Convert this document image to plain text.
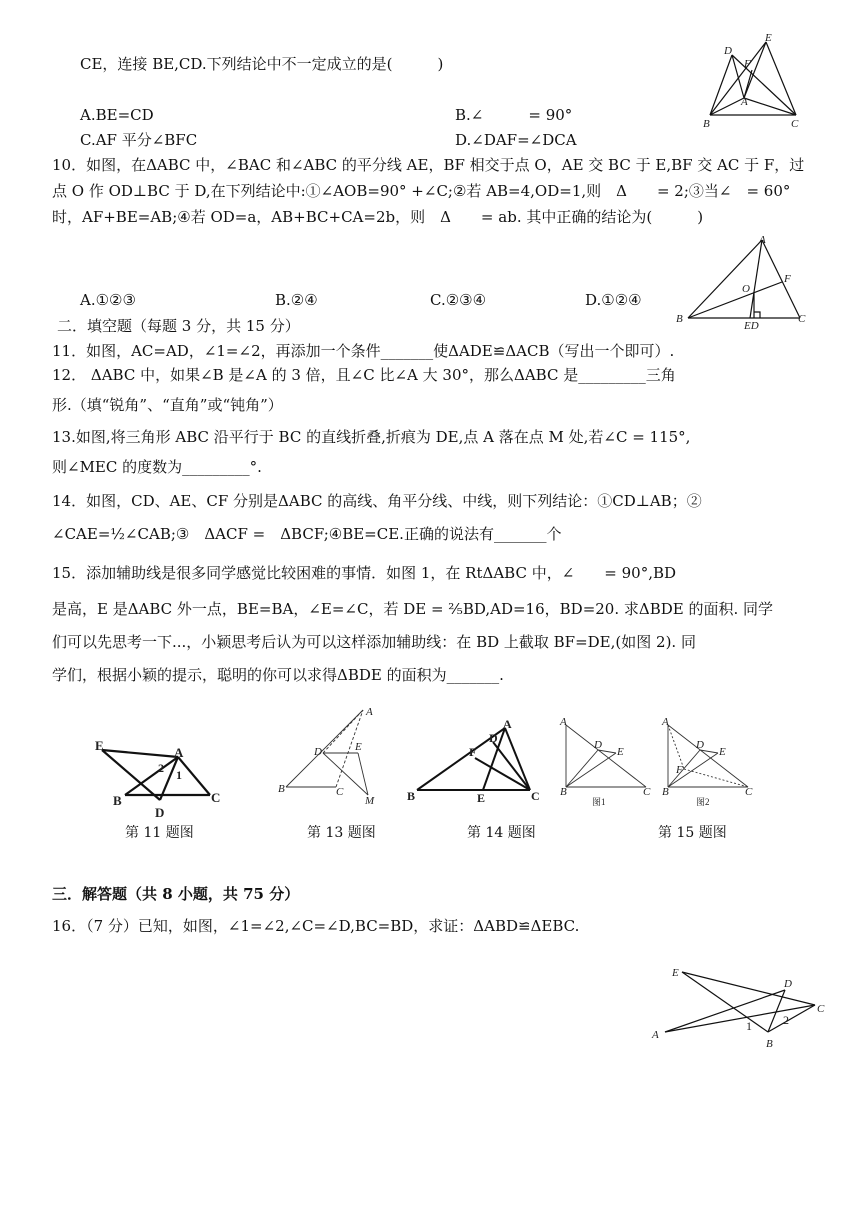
CE，连接 BE,CD.下列结论中不一定成立的是(　　　)
A.BE=CD	B.∠　　　= 90°
C.AF 平分∠BFC	D.∠DAF=∠DCA
D
E
F
A
B	C
10．如图，在ΔABC 中，∠BAC 和∠ABC 的平分线 AE，BF 相交于点 O，AE 交 BC 于 E,BF 交 AC 于 F，过
点 O 作 OD⊥BC 于 D,在下列结论中:①∠AOB=90° +∠C;②若 AB=4,OD=1,则　Δ　　= 2;③当∠　= 60°
时，AF+BE=AB;④若 OD=a，AB+BC+CA=2b，则　Δ　　= ab. 其中正确的结论为(　　　)
A.①②③	B.②④	C.②③④	D.①②④
A
F
O
B	C
ED
二．填空题（每题 3 分，共 15 分）
11．如图，AC=AD，∠1=∠2，再添加一个条件_______使ΔADE≌ΔACB（写出一个即可）.
12． ΔABC 中，如果∠B 是∠A 的 3 倍，且∠C 比∠A 大 30°，那么ΔABC 是_________三角
形.（填“锐角”、“直角”或“钝角”）
13.如图,将三角形 ABC 沿平行于 BC 的直线折叠,折痕为 DE,点 A 落在点 M 处,若∠C = 115°,
则∠MEC 的度数为_________°.
14．如图，CD、AE、CF 分别是ΔABC 的高线、角平分线、中线，则下列结论：①CD⊥AB；②
∠CAE=½∠CAB;③　ΔACF =　ΔBCF;④BE=CE.正确的说法有_______个
15．添加辅助线是很多同学感觉比较困难的事情．如图 1，在 RtΔABC 中，∠　　= 90°,BD
是高，E 是ΔABC 外一点，BE=BA，∠E=∠C，若 DE = ⅖BD,AD=16，BD=20. 求ΔBDE 的面积. 同学
们可以先思考一下...，小颖思考后认为可以这样添加辅助线：在 BD 上截取 BF=DE,(如图 2). 同
学们，根据小颖的提示，聪明的你可以求得ΔBDE 的面积为_______.
E	A
2 1
B	C
D
第 11 题图
A
D	E
B	C
M
第 13 题图
B	C
A
F
D
E
第 14 题图
A
D
E
B	C
图1
A
D
E
F
B	C
图2
第 15 题图
三．解答题（共 8 小题，共 75 分）
16．（7 分）已知，如图，∠1=∠2,∠C=∠D,BC=BD，求证：ΔABD≌ΔEBC.
E
D
C
A
B
1	2
